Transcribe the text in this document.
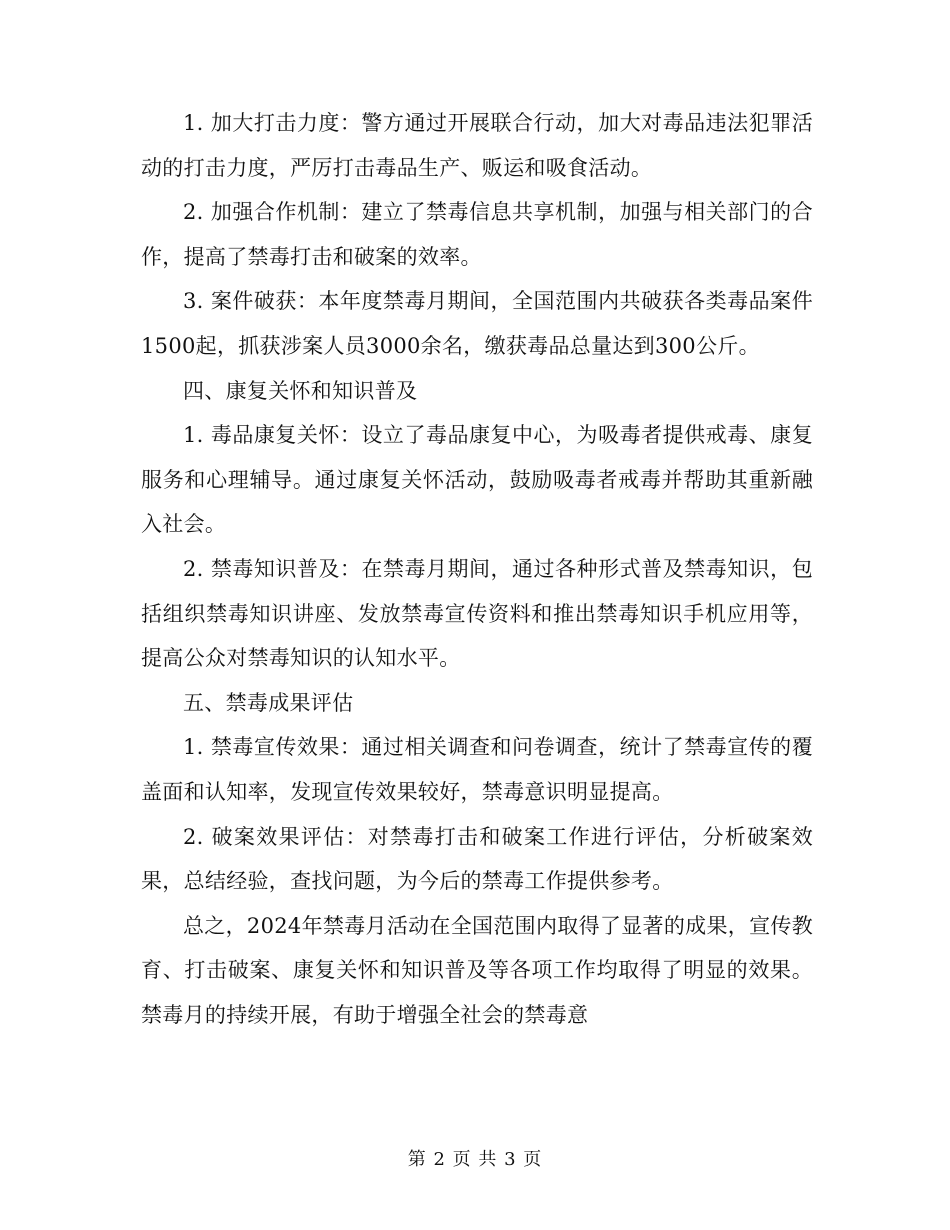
1. 加大打击力度：警方通过开展联合行动，加大对毒品违法犯罪活动的打击力度，严厉打击毒品生产、贩运和吸食活动。

2. 加强合作机制：建立了禁毒信息共享机制，加强与相关部门的合作，提高了禁毒打击和破案的效率。

3. 案件破获：本年度禁毒月期间，全国范围内共破获各类毒品案件1500起，抓获涉案人员3000余名，缴获毒品总量达到300公斤。

四、康复关怀和知识普及

1. 毒品康复关怀：设立了毒品康复中心，为吸毒者提供戒毒、康复服务和心理辅导。通过康复关怀活动，鼓励吸毒者戒毒并帮助其重新融入社会。

2. 禁毒知识普及：在禁毒月期间，通过各种形式普及禁毒知识，包括组织禁毒知识讲座、发放禁毒宣传资料和推出禁毒知识手机应用等，提高公众对禁毒知识的认知水平。

五、禁毒成果评估

1. 禁毒宣传效果：通过相关调查和问卷调查，统计了禁毒宣传的覆盖面和认知率，发现宣传效果较好，禁毒意识明显提高。

2. 破案效果评估：对禁毒打击和破案工作进行评估，分析破案效果，总结经验，查找问题，为今后的禁毒工作提供参考。

总之，2024年禁毒月活动在全国范围内取得了显著的成果，宣传教育、打击破案、康复关怀和知识普及等各项工作均取得了明显的效果。禁毒月的持续开展，有助于增强全社会的禁毒意

第 2 页 共 3 页
